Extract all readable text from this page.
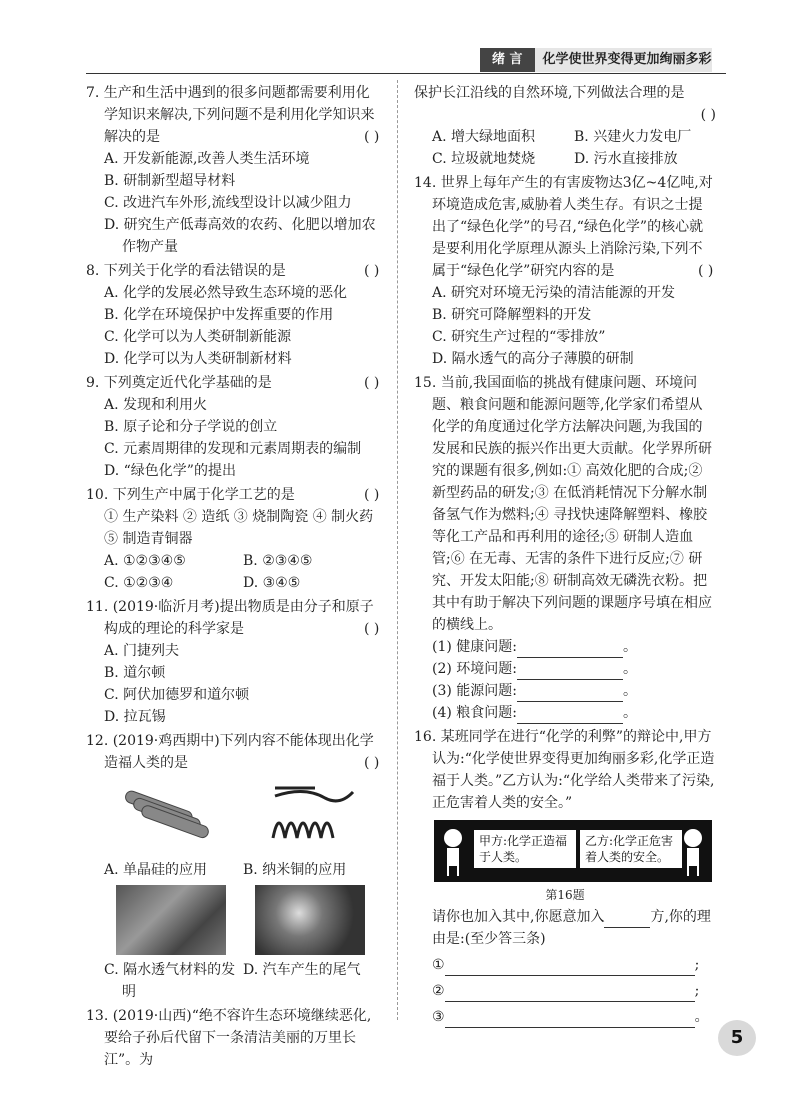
绪 言 化学使世界变得更加绚丽多彩

7. 生产和生活中遇到的很多问题都需要利用化学知识来解决,下列问题不是利用化学知识来解决的是	( )

A. 开发新能源,改善人类生活环境

B. 研制新型超导材料

C. 改进汽车外形,流线型设计以减少阻力

D. 研究生产低毒高效的农药、化肥以增加农作物产量

8. 下列关于化学的看法错误的是	( )

A. 化学的发展必然导致生态环境的恶化

B. 化学在环境保护中发挥重要的作用

C. 化学可以为人类研制新能源

D. 化学可以为人类研制新材料

9. 下列奠定近代化学基础的是	( )

A. 发现和利用火

B. 原子论和分子学说的创立

C. 元素周期律的发现和元素周期表的编制

D. “绿色化学”的提出

10. 下列生产中属于化学工艺的是	( )

① 生产染料 ② 造纸 ③ 烧制陶瓷 ④ 制火药 ⑤ 制造青铜器

A. ①②③④⑤	B. ②③④⑤
C. ①②③④	D. ③④⑤

11. (2019·临沂月考)提出物质是由分子和原子构成的理论的科学家是	( )

A. 门捷列夫

B. 道尔顿

C. 阿伏加德罗和道尔顿

D. 拉瓦锡

12. (2019·鸡西期中)下列内容不能体现出化学造福人类的是	( )

A. 单晶硅的应用	B. 纳米铜的应用
C. 隔水透气材料的发明
D. 汽车产生的尾气

13. (2019·山西)“绝不容许生态环境继续恶化,要给子孙后代留下一条清洁美丽的万里长江”。为

保护长江沿线的自然环境,下列做法合理的是

( )

A. 增大绿地面积	B. 兴建火力发电厂
C. 垃圾就地焚烧	D. 污水直接排放

14. 世界上每年产生的有害废物达3亿~4亿吨,对环境造成危害,威胁着人类生存。有识之士提出了“绿色化学”的号召,“绿色化学”的核心就是要利用化学原理从源头上消除污染,下列不属于“绿色化学”研究内容的是	( )

A. 研究对环境无污染的清洁能源的开发

B. 研究可降解塑料的开发

C. 研究生产过程的“零排放”

D. 隔水透气的高分子薄膜的研制

15. 当前,我国面临的挑战有健康问题、环境问题、粮食问题和能源问题等,化学家们希望从化学的角度通过化学方法解决问题,为我国的发展和民族的振兴作出更大贡献。化学界所研究的课题有很多,例如:① 高效化肥的合成;② 新型药品的研发;③ 在低消耗情况下分解水制备氢气作为燃料;④ 寻找快速降解塑料、橡胶等化工产品和再利用的途径;⑤ 研制人造血管;⑥ 在无毒、无害的条件下进行反应;⑦ 研究、开发太阳能;⑧ 研制高效无磷洗衣粉。把其中有助于解决下列问题的课题序号填在相应的横线上。

(1) 健康问题:	。

(2) 环境问题:	。

(3) 能源问题:	。

(4) 粮食问题:	。

16. 某班同学在进行“化学的利弊”的辩论中,甲方认为:“化学使世界变得更加绚丽多彩,化学正造福于人类。”乙方认为:“化学给人类带来了污染,正危害着人类的安全。”

甲方:化学正造福于人类。
乙方:化学正危害着人类的安全。
第16题

请你也加入其中,你愿意加入	方,你的理由是:(至少答三条)

①	;

②	;

③	。

5
